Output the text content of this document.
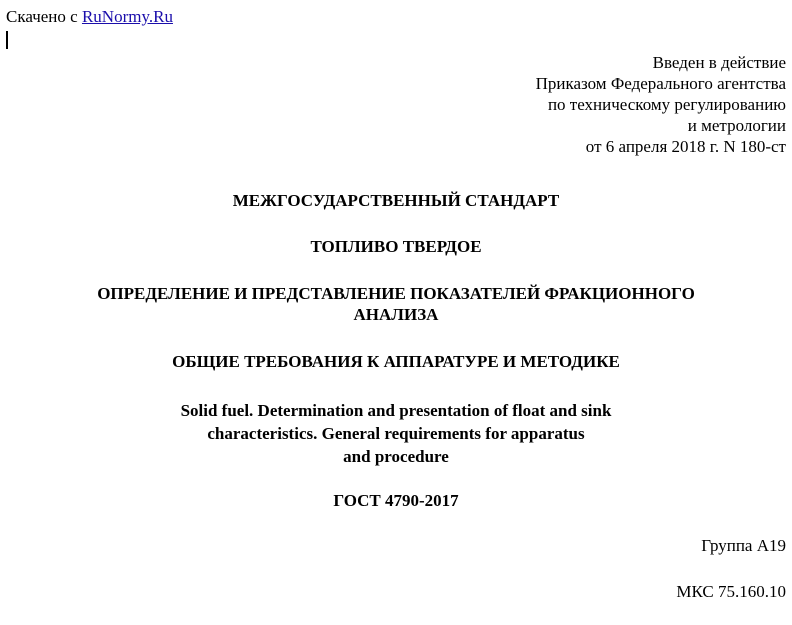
Скачено с RuNormy.Ru
Введен в действие
Приказом Федерального агентства
по техническому регулированию
и метрологии
от 6 апреля 2018 г. N 180-ст
МЕЖГОСУДАРСТВЕННЫЙ СТАНДАРТ
ТОПЛИВО ТВЕРДОЕ
ОПРЕДЕЛЕНИЕ И ПРЕДСТАВЛЕНИЕ ПОКАЗАТЕЛЕЙ ФРАКЦИОННОГО
АНАЛИЗА
ОБЩИЕ ТРЕБОВАНИЯ К АППАРАТУРЕ И МЕТОДИКЕ
Solid fuel. Determination and presentation of float and sink
characteristics. General requirements for apparatus
and procedure
ГОСТ 4790-2017
Группа А19
МКС 75.160.10
